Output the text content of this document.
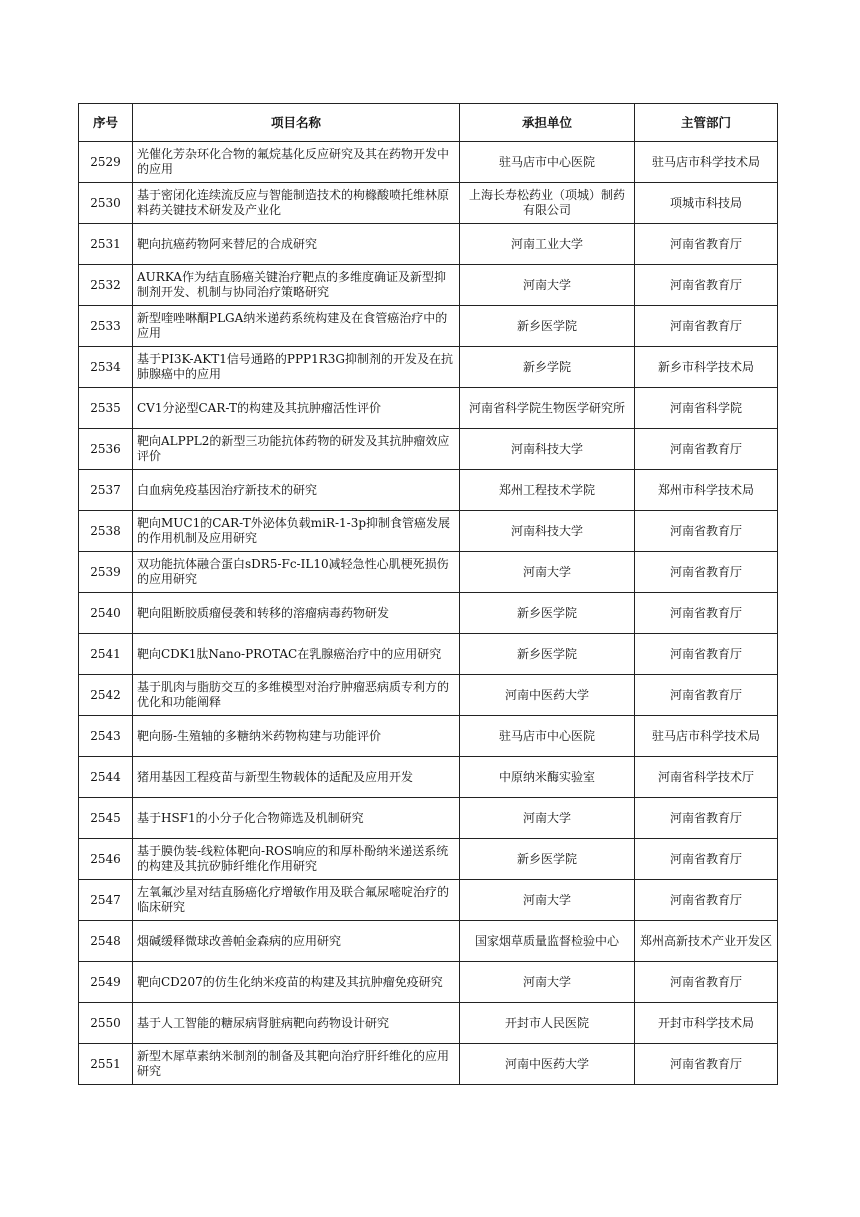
序号	项目名称	承担单位	主管部门
2529	光催化芳杂环化合物的氟烷基化反应研究及其在药物开发中的应用	驻马店市中心医院	驻马店市科学技术局
2530	基于密闭化连续流反应与智能制造技术的枸橼酸喷托维林原料药关键技术研发及产业化	上海长寿松药业（项城）制药有限公司	项城市科技局
2531	靶向抗癌药物阿来替尼的合成研究	河南工业大学	河南省教育厅
2532	AURKA作为结直肠癌关键治疗靶点的多维度确证及新型抑制剂开发、机制与协同治疗策略研究	河南大学	河南省教育厅
2533	新型喹唑啉酮PLGA纳米递药系统构建及在食管癌治疗中的应用	新乡医学院	河南省教育厅
2534	基于PI3K-AKT1信号通路的PPP1R3G抑制剂的开发及在抗肺腺癌中的应用	新乡学院	新乡市科学技术局
2535	CV1分泌型CAR-T的构建及其抗肿瘤活性评价	河南省科学院生物医学研究所	河南省科学院
2536	靶向ALPPL2的新型三功能抗体药物的研发及其抗肿瘤效应评价	河南科技大学	河南省教育厅
2537	白血病免疫基因治疗新技术的研究	郑州工程技术学院	郑州市科学技术局
2538	靶向MUC1的CAR-T外泌体负载miR-1-3p抑制食管癌发展的作用机制及应用研究	河南科技大学	河南省教育厅
2539	双功能抗体融合蛋白sDR5-Fc-IL10减轻急性心肌梗死损伤的应用研究	河南大学	河南省教育厅
2540	靶向阻断胶质瘤侵袭和转移的溶瘤病毒药物研发	新乡医学院	河南省教育厅
2541	靶向CDK1肽Nano-PROTAC在乳腺癌治疗中的应用研究	新乡医学院	河南省教育厅
2542	基于肌肉与脂肪交互的多维模型对治疗肿瘤恶病质专利方的优化和功能阐释	河南中医药大学	河南省教育厅
2543	靶向肠-生殖轴的多糖纳米药物构建与功能评价	驻马店市中心医院	驻马店市科学技术局
2544	猪用基因工程疫苗与新型生物载体的适配及应用开发	中原纳米酶实验室	河南省科学技术厅
2545	基于HSF1的小分子化合物筛选及机制研究	河南大学	河南省教育厅
2546	基于膜伪装-线粒体靶向-ROS响应的和厚朴酚纳米递送系统的构建及其抗矽肺纤维化作用研究	新乡医学院	河南省教育厅
2547	左氧氟沙星对结直肠癌化疗增敏作用及联合氟尿嘧啶治疗的临床研究	河南大学	河南省教育厅
2548	烟碱缓释微球改善帕金森病的应用研究	国家烟草质量监督检验中心	郑州高新技术产业开发区
2549	靶向CD207的仿生化纳米疫苗的构建及其抗肿瘤免疫研究	河南大学	河南省教育厅
2550	基于人工智能的糖尿病肾脏病靶向药物设计研究	开封市人民医院	开封市科学技术局
2551	新型木犀草素纳米制剂的制备及其靶向治疗肝纤维化的应用研究	河南中医药大学	河南省教育厅
